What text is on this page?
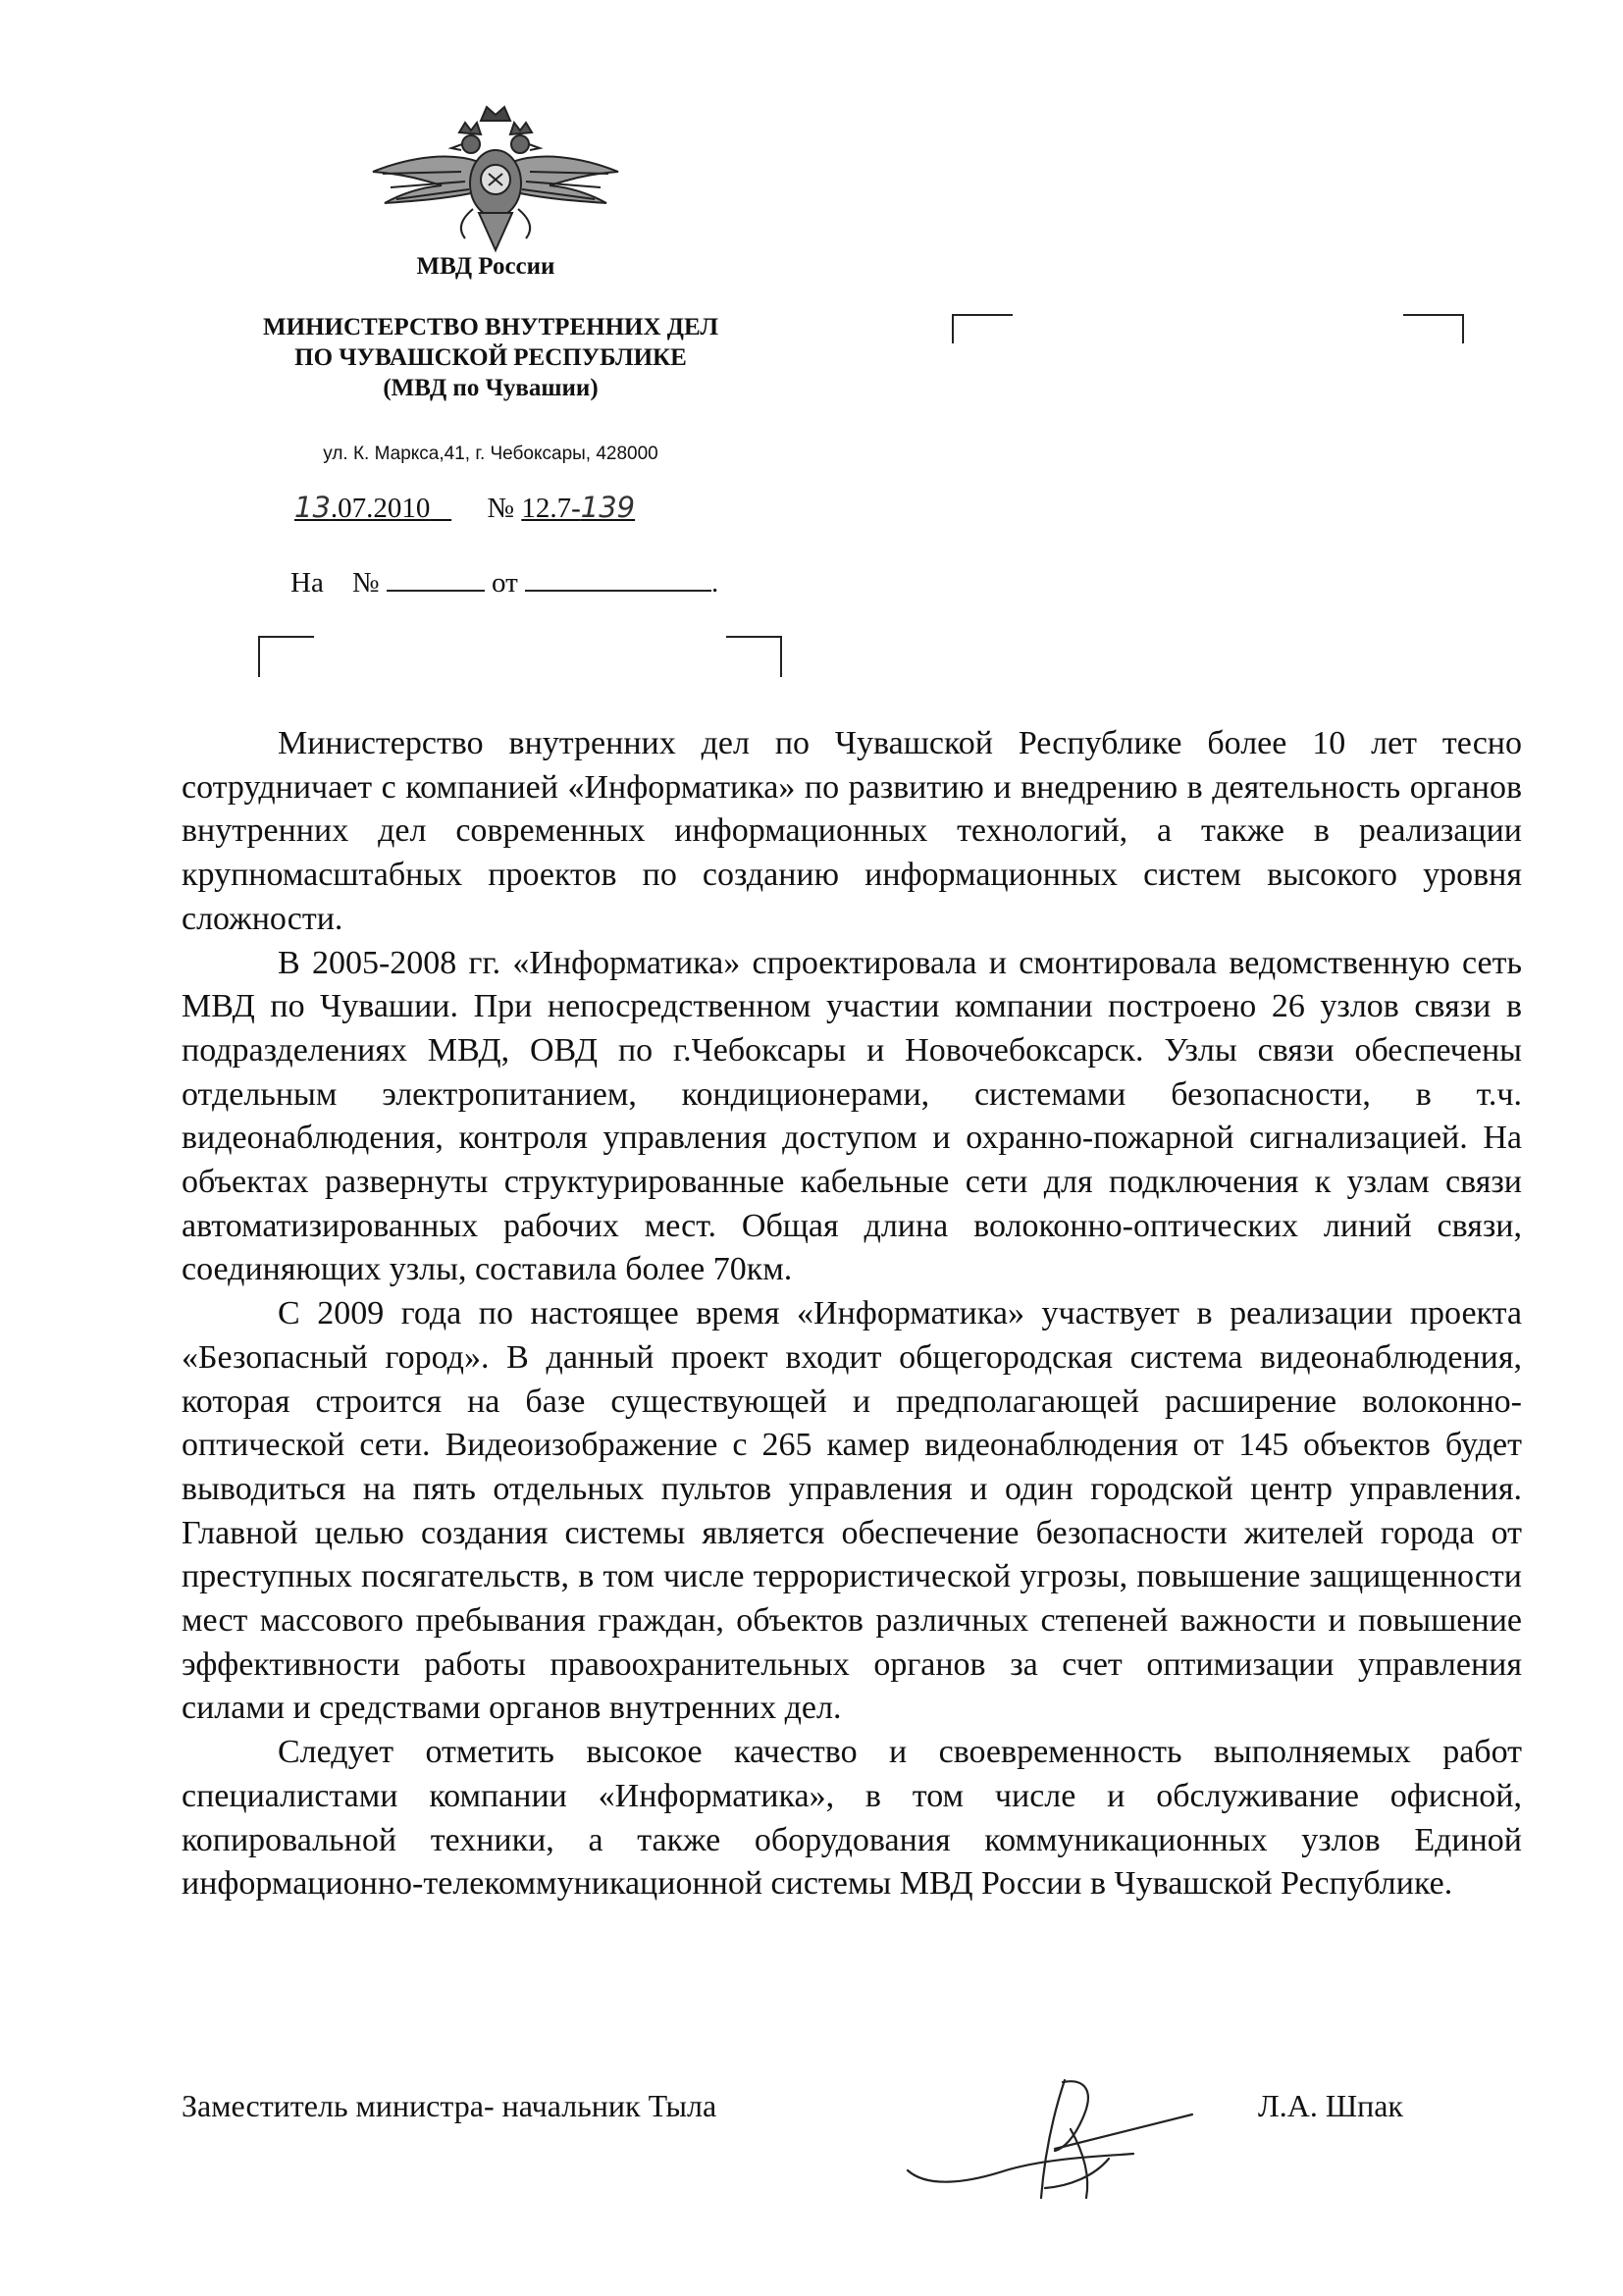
МВД России
МИНИСТЕРСТВО ВНУТРЕННИХ ДЕЛ
ПО ЧУВАШСКОЙ РЕСПУБЛИКЕ
(МВД по Чувашии)
ул. К. Маркса,41, г. Чебоксары, 428000
13.07.2010 № 12.7-139
На №	от	.

Министерство внутренних дел по Чувашской Республике более 10 лет тесно сотрудничает с компанией «Информатика» по развитию и внедрению в деятельность органов внутренних дел современных информационных технологий, а также в реализации крупномасштабных проектов по созданию информационных систем высокого уровня сложности.

В 2005-2008 гг. «Информатика» спроектировала и смонтировала ведомственную сеть МВД по Чувашии. При непосредственном участии компании построено 26 узлов связи в подразделениях МВД, ОВД по г.Чебоксары и Новочебоксарск. Узлы связи обеспечены отдельным электропитанием, кондиционерами, системами безопасности, в т.ч. видеонаблюдения, контроля управления доступом и охранно-пожарной сигнализацией. На объектах развернуты структурированные кабельные сети для подключения к узлам связи автоматизированных рабочих мест. Общая длина волоконно-оптических линий связи, соединяющих узлы, составила более 70км.

С 2009 года по настоящее время «Информатика» участвует в реализации проекта «Безопасный город». В данный проект входит общегородская система видеонаблюдения, которая строится на базе существующей и предполагающей расширение волоконно-оптической сети. Видеоизображение с 265 камер видеонаблюдения от 145 объектов будет выводиться на пять отдельных пультов управления и один городской центр управления. Главной целью создания системы является обеспечение безопасности жителей города от преступных посягательств, в том числе террористической угрозы, повышение защищенности мест массового пребывания граждан, объектов различных степеней важности и повышение эффективности работы правоохранительных органов за счет оптимизации управления силами и средствами органов внутренних дел.

Следует отметить высокое качество и своевременность выполняемых работ специалистами компании «Информатика», в том числе и обслуживание офисной, копировальной техники, а также оборудования коммуникационных узлов Единой информационно-телекоммуникационной системы МВД России в Чувашской Республике.

Заместитель министра- начальник Тыла	Л.А. Шпак
